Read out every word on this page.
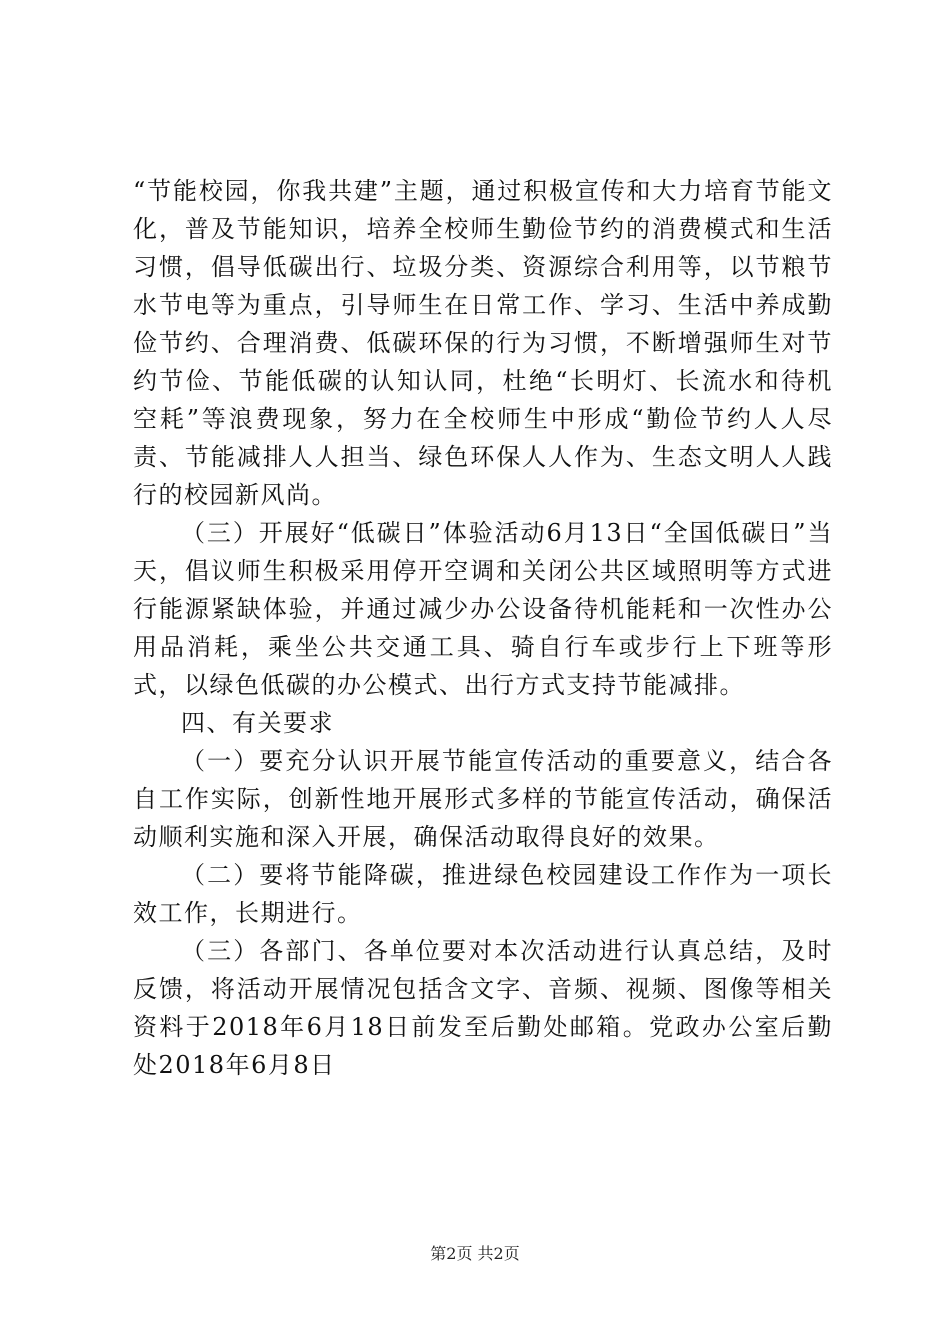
“节能校园，你我共建”主题，通过积极宣传和大力培育节能文化，普及节能知识，培养全校师生勤俭节约的消费模式和生活习惯，倡导低碳出行、垃圾分类、资源综合利用等，以节粮节水节电等为重点，引导师生在日常工作、学习、生活中养成勤俭节约、合理消费、低碳环保的行为习惯，不断增强师生对节约节俭、节能低碳的认知认同，杜绝“长明灯、长流水和待机空耗”等浪费现象，努力在全校师生中形成“勤俭节约人人尽责、节能减排人人担当、绿色环保人人作为、生态文明人人践行的校园新风尚。

（三）开展好“低碳日”体验活动6月13日“全国低碳日”当天，倡议师生积极采用停开空调和关闭公共区域照明等方式进行能源紧缺体验，并通过减少办公设备待机能耗和一次性办公用品消耗，乘坐公共交通工具、骑自行车或步行上下班等形式，以绿色低碳的办公模式、出行方式支持节能减排。

四、有关要求

（一）要充分认识开展节能宣传活动的重要意义，结合各自工作实际，创新性地开展形式多样的节能宣传活动，确保活动顺利实施和深入开展，确保活动取得良好的效果。

（二）要将节能降碳，推进绿色校园建设工作作为一项长效工作，长期进行。

（三）各部门、各单位要对本次活动进行认真总结，及时反馈，将活动开展情况包括含文字、音频、视频、图像等相关资料于2018年6月18日前发至后勤处邮箱。党政办公室后勤处2018年6月8日

第2页 共2页
